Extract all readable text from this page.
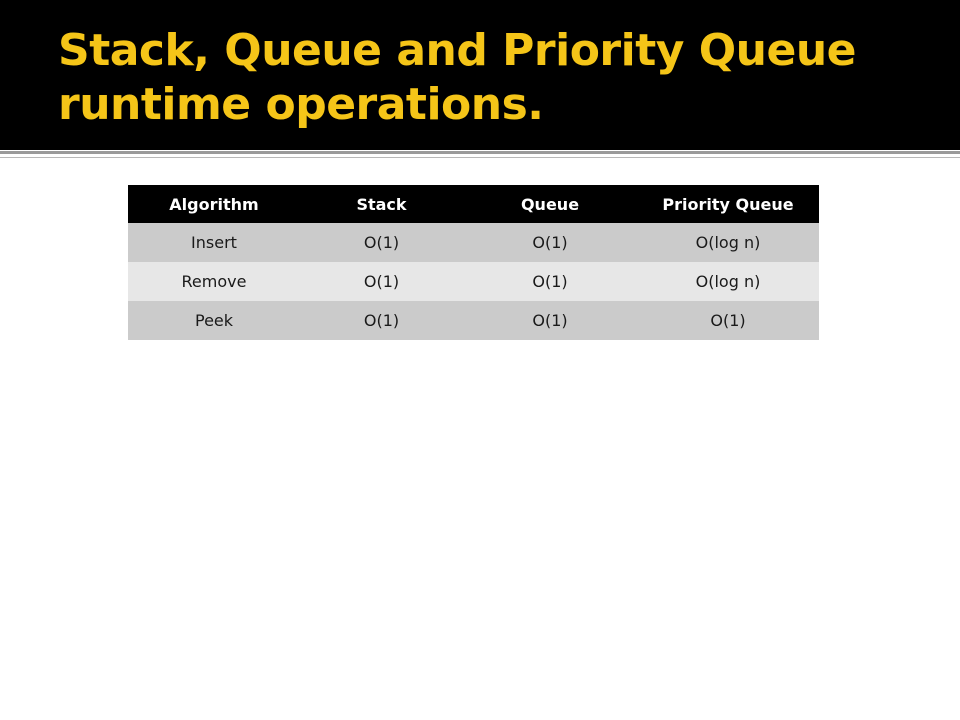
Stack, Queue and Priority Queue runtime operations.
Algorithm	Stack	Queue	Priority Queue
Insert	O(1)	O(1)	O(log n)
Remove	O(1)	O(1)	O(log n)
Peek	O(1)	O(1)	O(1)
